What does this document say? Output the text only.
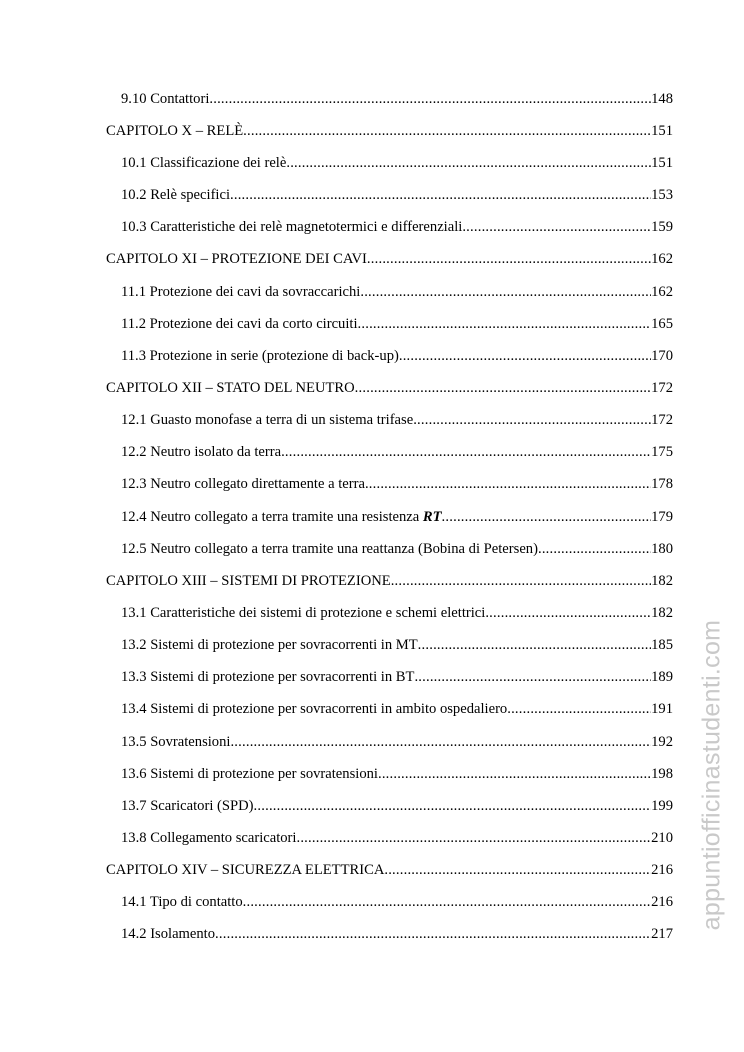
9.10 Contattori .....	148
CAPITOLO X – RELÈ .....	151
10.1 Classificazione dei relè .....	151
10.2 Relè specifici .....	153
10.3 Caratteristiche dei relè magnetotermici e differenziali .....	159
CAPITOLO XI – PROTEZIONE DEI CAVI .....	162
11.1 Protezione dei cavi da sovraccarichi .....	162
11.2 Protezione dei cavi da corto circuiti .....	165
11.3 Protezione in serie (protezione di back-up) .....	170
CAPITOLO XII – STATO DEL NEUTRO .....	172
12.1 Guasto monofase a terra di un sistema trifase .....	172
12.2 Neutro isolato da terra .....	175
12.3 Neutro collegato direttamente a terra .....	178
12.4 Neutro collegato a terra tramite una resistenza RT .....	179
12.5 Neutro collegato a terra tramite una reattanza (Bobina di Petersen) .....	180
CAPITOLO XIII – SISTEMI DI PROTEZIONE .....	182
13.1 Caratteristiche dei sistemi di protezione e schemi elettrici .....	182
13.2 Sistemi di protezione per sovracorrenti in MT .....	185
13.3 Sistemi di protezione per sovracorrenti in BT .....	189
13.4 Sistemi di protezione per sovracorrenti in ambito ospedaliero .....	191
13.5 Sovratensioni .....	192
13.6 Sistemi di protezione per sovratensioni .....	198
13.7 Scaricatori (SPD) .....	199
13.8 Collegamento scaricatori .....	210
CAPITOLO XIV – SICUREZZA ELETTRICA .....	216
14.1 Tipo di contatto .....	216
14.2 Isolamento .....	217
appuntiofficinastudenti.com
